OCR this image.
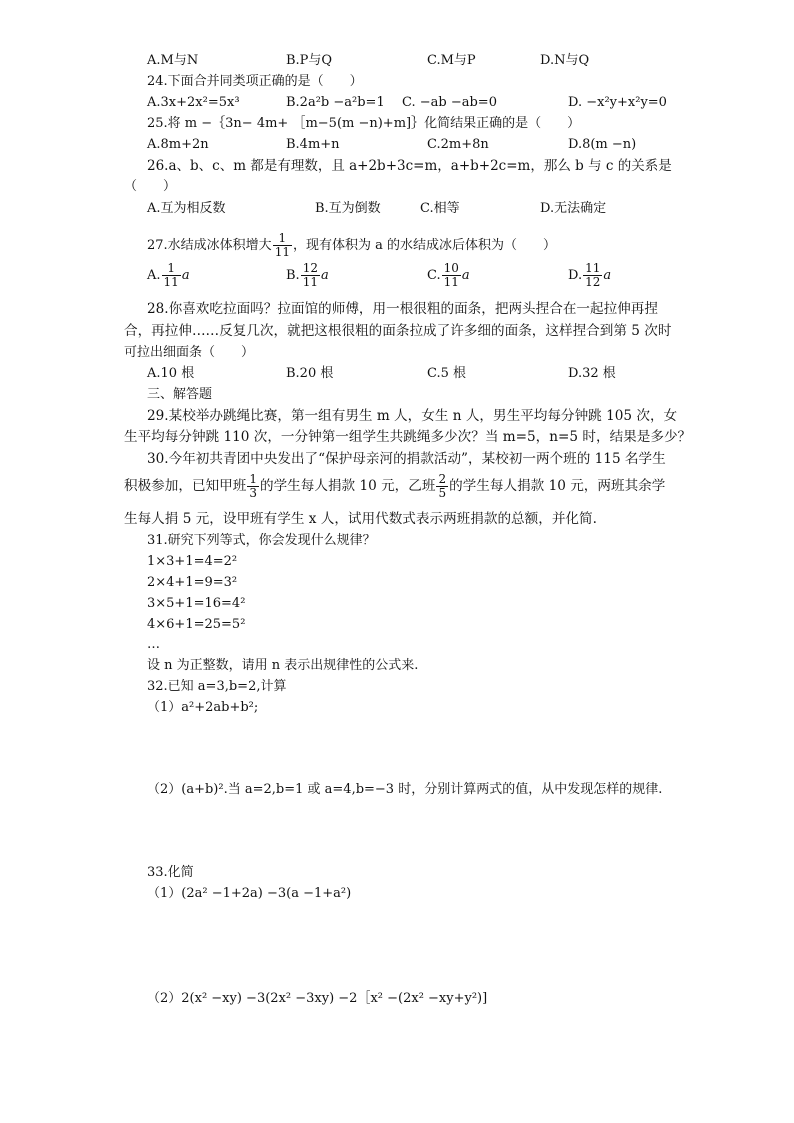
A.M与N	B.P与Q	C.M与P	D.N与Q
24.下面合并同类项正确的是（　　）
A.3x+2x²=5x³	B.2a²b −a²b=1 C. −ab −ab=0	D. −x²y+x²y=0
25.将 m −｛3n− 4m+ ［m−5(m −n)+m]｝化简结果正确的是（　　）
A.8m+2n	B.4m+n	C.2m+8n	D.8(m −n)
26.a、b、c、m 都是有理数，且 a+2b+3c=m，a+b+2c=m，那么 b 与 c 的关系是
（　　）
A.互为相反数	B.互为倒数	C.相等	D.无法确定
27.水结成冰体积增大 $\frac{1}{11}$ ，现有体积为 a 的水结成冰后体积为（　　）
A. $\frac{1}{11}$ a	B. $\frac{12}{11}$ a	C. $\frac{10}{11}$ a	D. $\frac{11}{12}$ a
28.你喜欢吃拉面吗？拉面馆的师傅，用一根很粗的面条，把两头捏合在一起拉伸再捏
合，再拉伸……反复几次，就把这根很粗的面条拉成了许多细的面条，这样捏合到第 5 次时
可拉出细面条（　　）
A.10 根	B.20 根	C.5 根	D.32 根
三、解答题
29.某校举办跳绳比赛，第一组有男生 m 人，女生 n 人，男生平均每分钟跳 105 次，女
生平均每分钟跳 110 次，一分钟第一组学生共跳绳多少次？当 m=5，n=5 时，结果是多少？
30.今年初共青团中央发出了“保护母亲河的捐款活动”，某校初一两个班的 115 名学生
积极参加，已知甲班 $\frac{1}{3}$ 的学生每人捐款 10 元，乙班 $\frac{2}{5}$ 的学生每人捐款 10 元，两班其余学
生每人捐 5 元，设甲班有学生 x 人，试用代数式表示两班捐款的总额，并化简.
31.研究下列等式，你会发现什么规律？
1×3+1=4=2²
2×4+1=9=3²
3×5+1=16=4²
4×6+1=25=5²
…
设 n 为正整数，请用 n 表示出规律性的公式来.
32.已知 a=3,b=2,计算
（1）a²+2ab+b²;
（2）(a+b)².当 a=2,b=1 或 a=4,b=−3 时，分别计算两式的值，从中发现怎样的规律.
33.化简
（1）(2a² −1+2a) −3(a −1+a²)
（2）2(x² −xy) −3(2x² −3xy) −2［x² −(2x² −xy+y²)]
